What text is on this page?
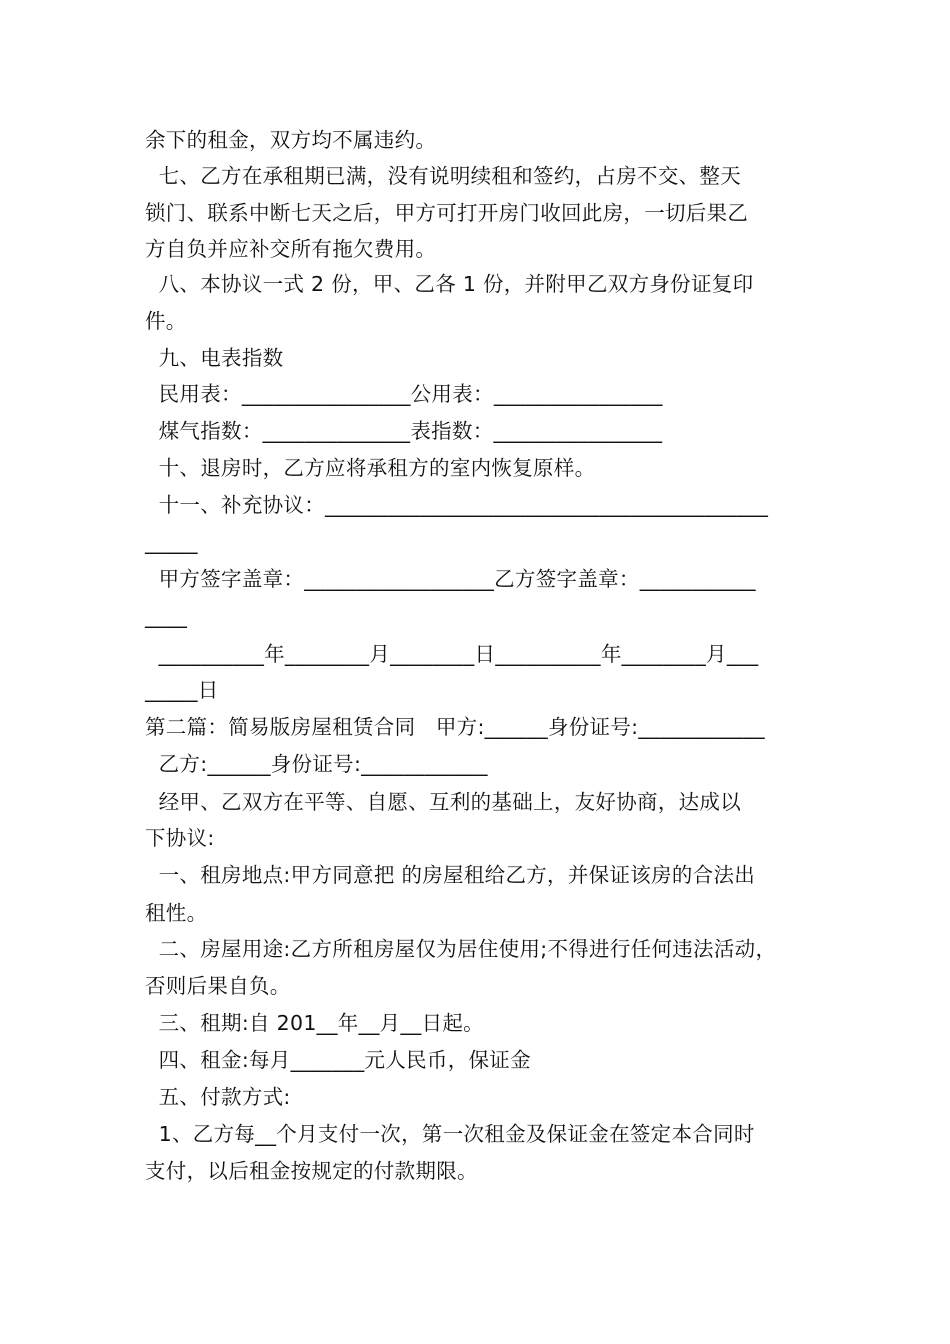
余下的租金，双方均不属违约。
七、乙方在承租期已满，没有说明续租和签约，占房不交、整天
锁门、联系中断七天之后，甲方可打开房门收回此房，一切后果乙
方自负并应补交所有拖欠费用。
八、本协议一式 2 份，甲、乙各 1 份，并附甲乙双方身份证复印
件。
九、电表指数
民用表：________________公用表：________________
煤气指数：______________表指数：________________
十、退房时，乙方应将承租方的室内恢复原样。
十一、补充协议：__________________________________________
_____
甲方签字盖章：__________________乙方签字盖章：___________
____
__________年________月________日__________年________月___
_____日
第二篇：简易版房屋租赁合同   甲方:______身份证号:____________
乙方:______身份证号:____________
经甲、乙双方在平等、自愿、互利的基础上，友好协商，达成以
下协议:
一、租房地点:甲方同意把 的房屋租给乙方，并保证该房的合法出
租性。
二、房屋用途:乙方所租房屋仅为居住使用;不得进行任何违法活动，
否则后果自负。
三、租期:自 201__年__月__日起。
四、租金:每月_______元人民币，保证金
五、付款方式:
1、乙方每__个月支付一次，第一次租金及保证金在签定本合同时
支付，以后租金按规定的付款期限。
